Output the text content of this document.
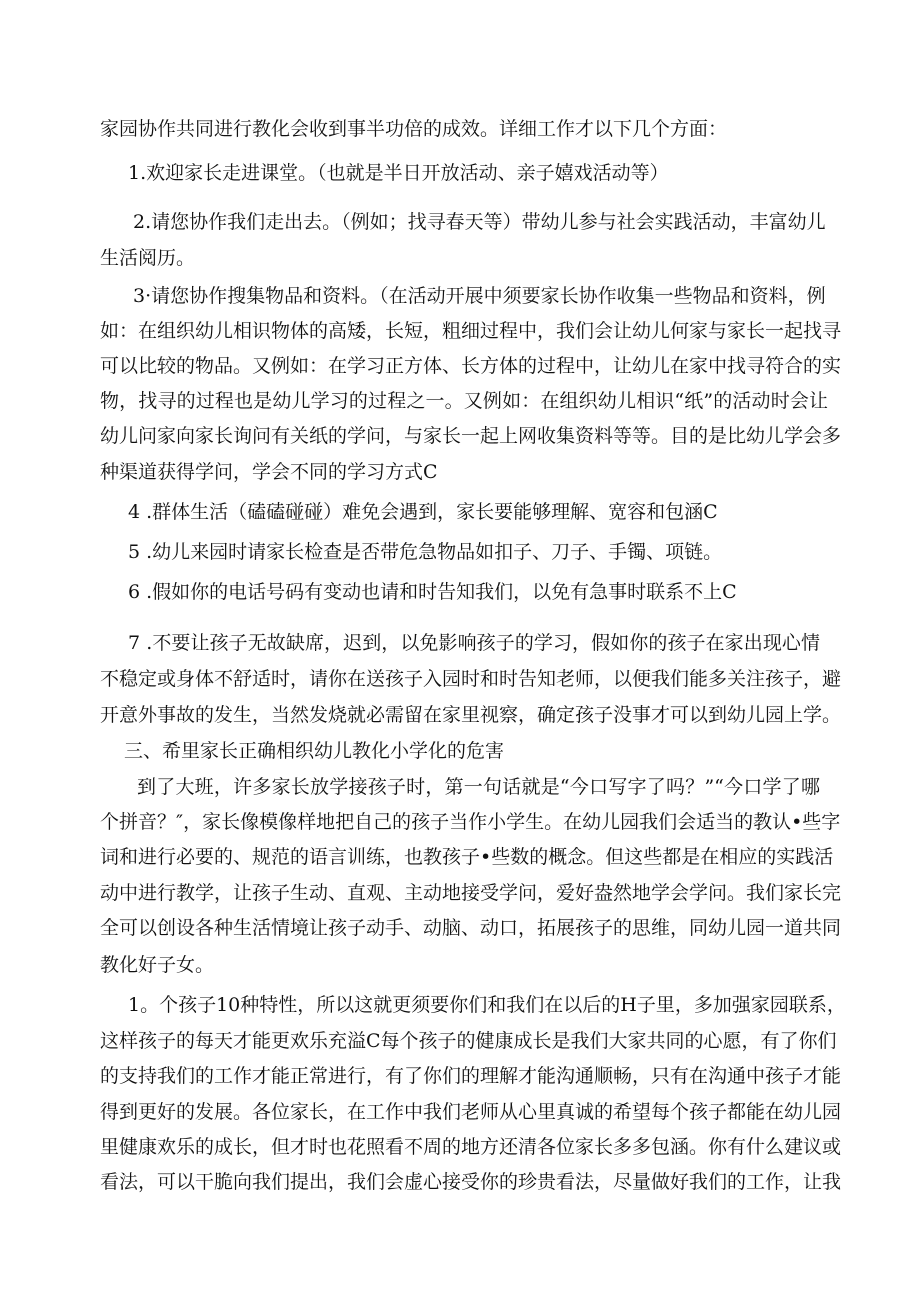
家园协作共同进行教化会收到事半功倍的成效。详细工作才以下几个方面：
1.欢迎家长走进课堂。（也就是半日开放活动、亲子嬉戏活动等）
2.请您协作我们走出去。（例如；找寻春天等）带幼儿参与社会实践活动，丰富幼儿
生活阅历。
3·请您协作搜集物品和资料。（在活动开展中须要家长协作收集一些物品和资料，例
如：在组织幼儿相识物体的高矮，长短，粗细过程中，我们会让幼儿何家与家长一起找寻
可以比较的物品。又例如：在学习正方体、长方体的过程中，让幼儿在家中找寻符合的实
物，找寻的过程也是幼儿学习的过程之一。又例如：在组织幼儿相识“纸”的活动时会让
幼儿问家向家长询问有关纸的学问，与家长一起上网收集资料等等。目的是比幼儿学会多
种渠道获得学问，学会不同的学习方式C
4 .群体生活（磕磕碰碰）难免会遇到，家长要能够理解、宽容和包涵C
5 .幼儿来园时请家长检查是否带危急物品如扣子、刀子、手镯、项链。
6 .假如你的电话号码有变动也请和时告知我们，以免有急事时联系不上C
7 .不要让孩子无故缺席，迟到，以免影响孩子的学习，假如你的孩子在家出现心情
不稳定或身体不舒适时，请你在送孩子入园时和时告知老师，以便我们能多关注孩子，避
开意外事故的发生，当然发烧就必需留在家里视察，确定孩子没事才可以到幼儿园上学。
三、希里家长正确相织幼儿教化小学化的危害
到了大班，许多家长放学接孩子时，第一句话就是“今口写字了吗？”“今口学了哪
个拼音？″，家长像模像样地把自己的孩子当作小学生。在幼儿园我们会适当的教认•些字
词和进行必要的、规范的语言训练，也教孩子•些数的概念。但这些都是在相应的实践活
动中进行教学，让孩子生动、直观、主动地接受学问，爱好盎然地学会学问。我们家长完
全可以创设各种生活情境让孩子动手、动脑、动口，拓展孩子的思维，同幼儿园一道共同
教化好子女。
1。个孩子10种特性，所以这就更须要你们和我们在以后的H子里，多加强家园联系，
这样孩子的每天才能更欢乐充溢C每个孩子的健康成长是我们大家共同的心愿，有了你们
的支持我们的工作才能正常进行，有了你们的理解才能沟通顺畅，只有在沟通中孩子才能
得到更好的发展。各位家长，在工作中我们老师从心里真诚的希望每个孩子都能在幼儿园
里健康欢乐的成长，但才时也花照看不周的地方还清各位家长多多包涵。你有什么建议或
看法，可以干脆向我们提出，我们会虚心接受你的珍贵看法，尽量做好我们的工作，让我
